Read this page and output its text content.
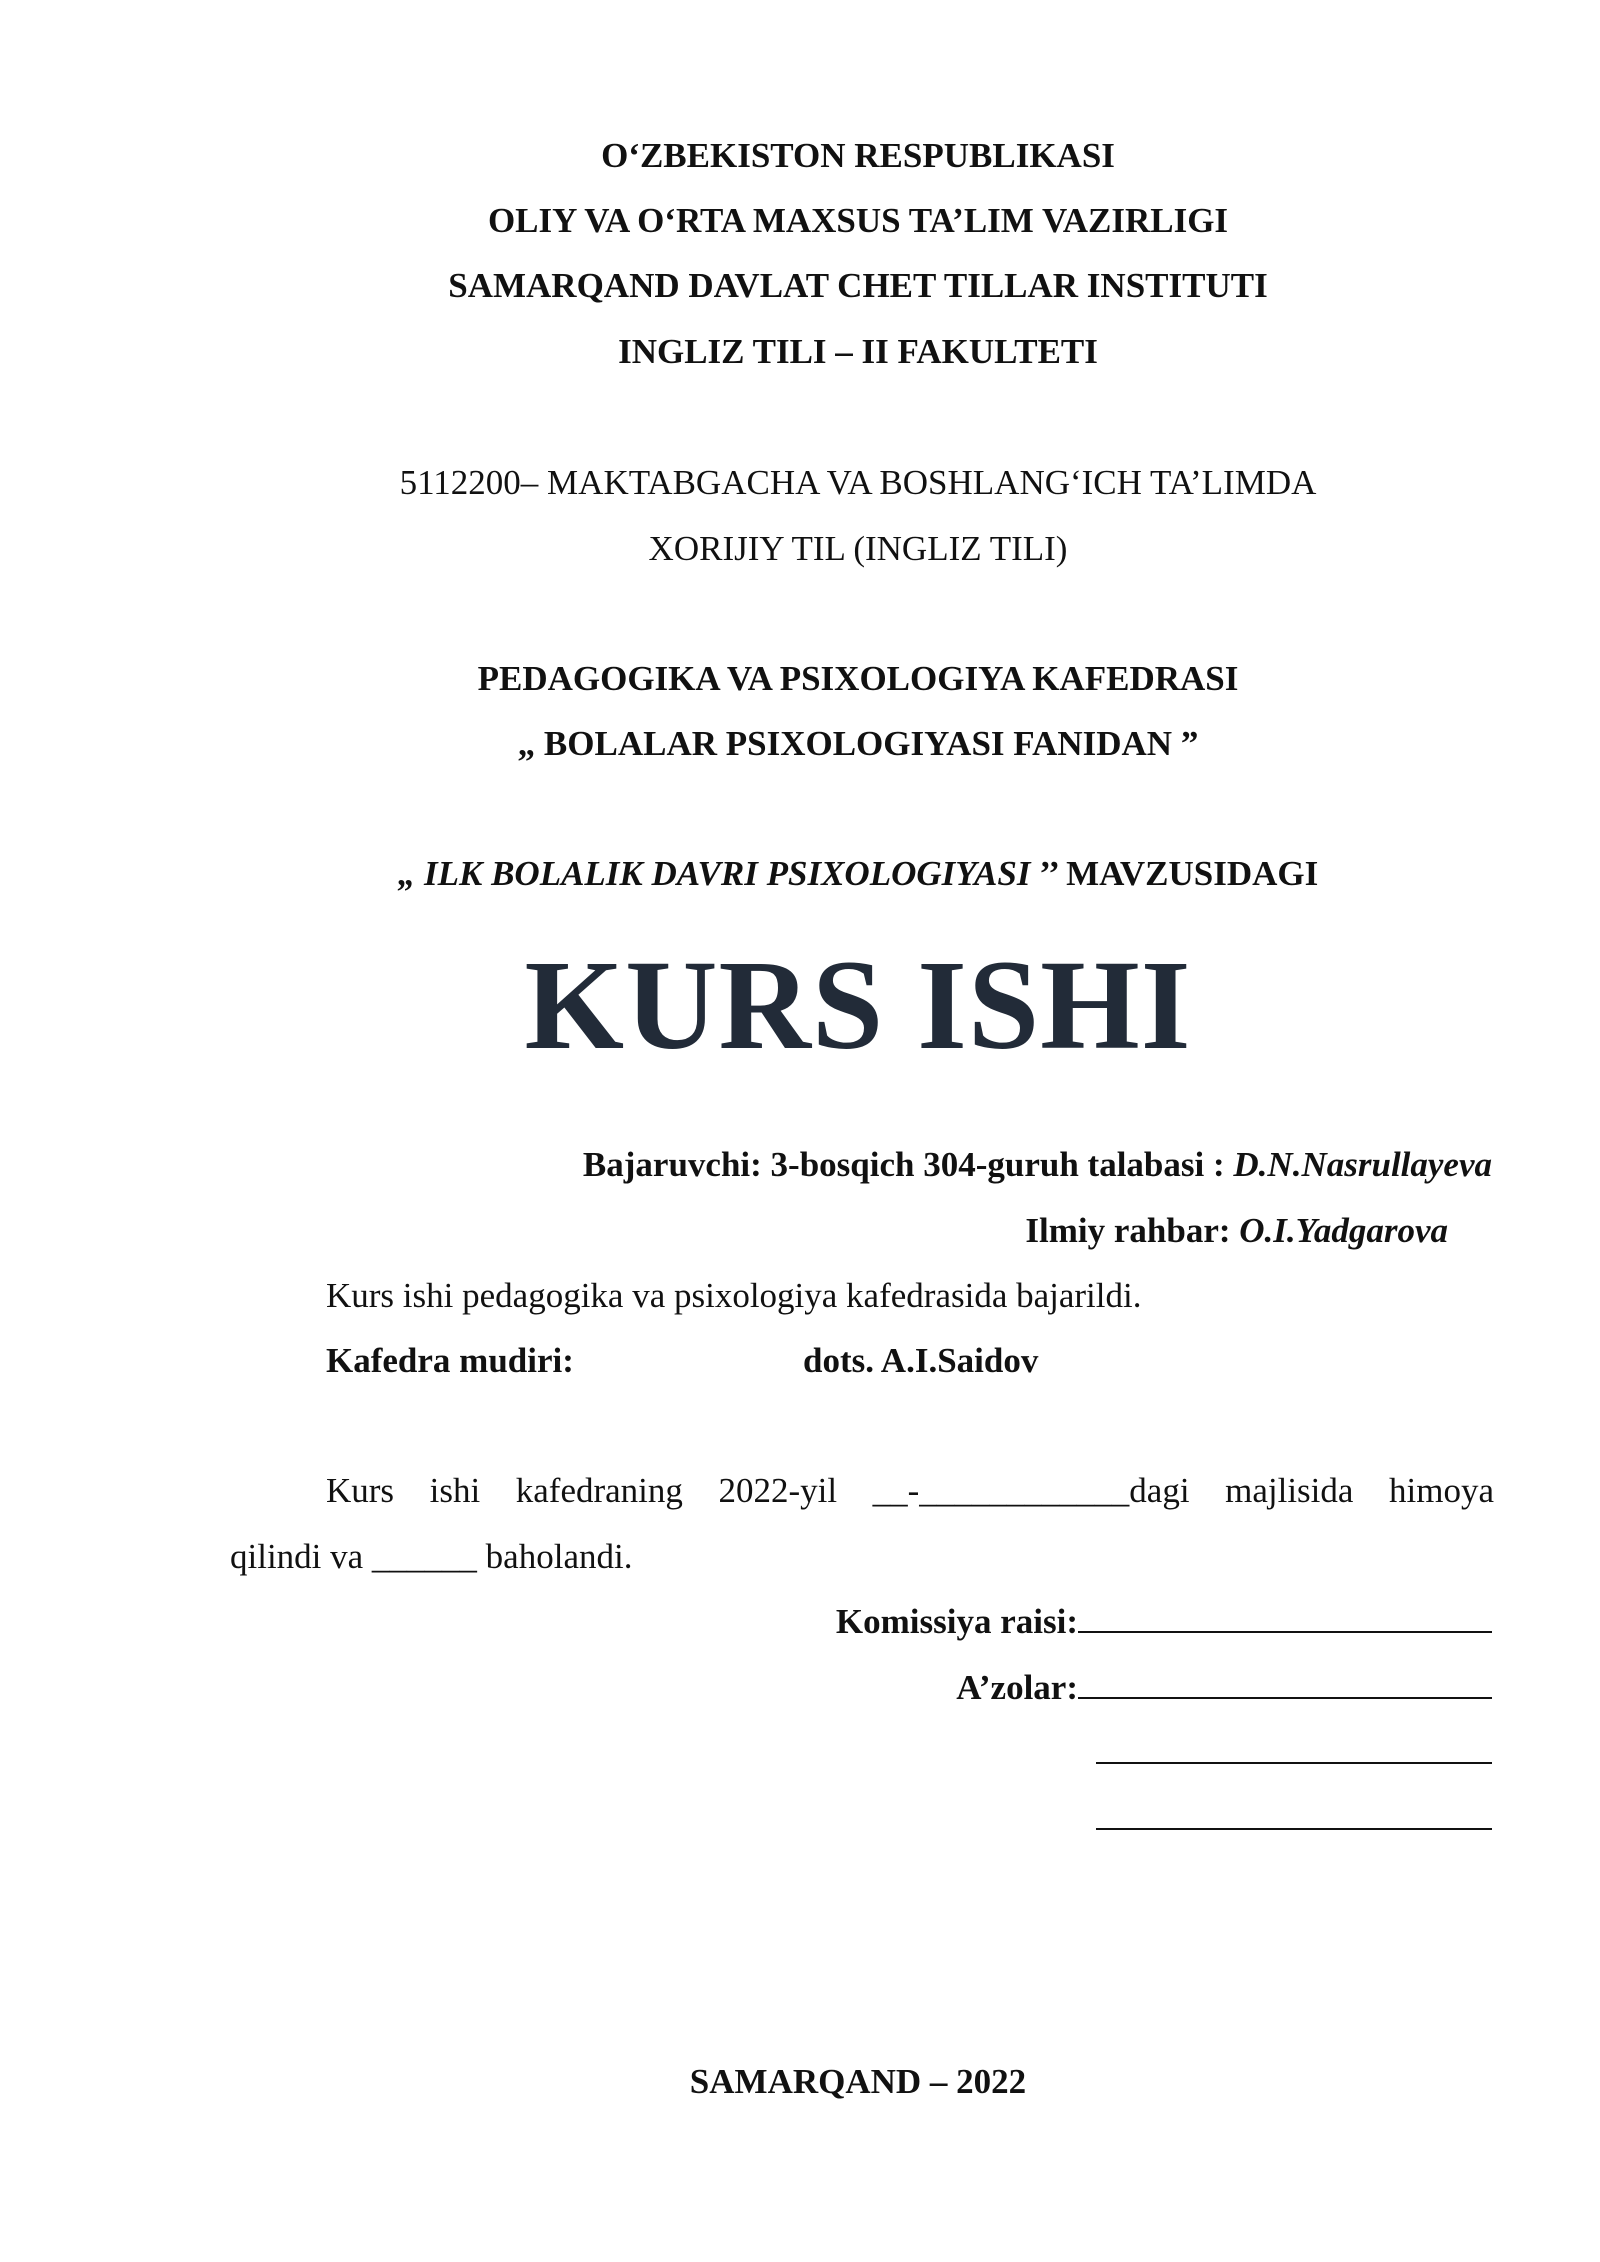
O‘ZBEKISTON RESPUBLIKASI
OLIY VA O‘RTA MAXSUS TA’LIM VAZIRLIGI
SAMARQAND DAVLAT CHET TILLAR INSTITUTI
INGLIZ TILI – II FAKULTETI
5112200– MAKTABGACHA VA BOSHLANG‘ICH TA’LIMDA
XORIJIY TIL (INGLIZ TILI)
PEDAGOGIKA VA PSIXOLOGIYA KAFEDRASI
„ BOLALAR PSIXOLOGIYASI FANIDAN ”
„ ILK BOLALIK DAVRI PSIXOLOGIYASI ’’ MAVZUSIDAGI
KURS ISHI
Bajaruvchi: 3-bosqich 304-guruh talabasi : D.N.Nasrullayeva
Ilmiy rahbar: O.I.Yadgarova
Kurs ishi pedagogika va psixologiya kafedrasida bajarildi.
Kafedra mudiri:	dots. A.I.Saidov
Kurs ishi kafedraning 2022-yil __-____________dagi majlisida himoya
qilindi va ______ baholandi.
Komissiya raisi:
A’zolar:
SAMARQAND – 2022
